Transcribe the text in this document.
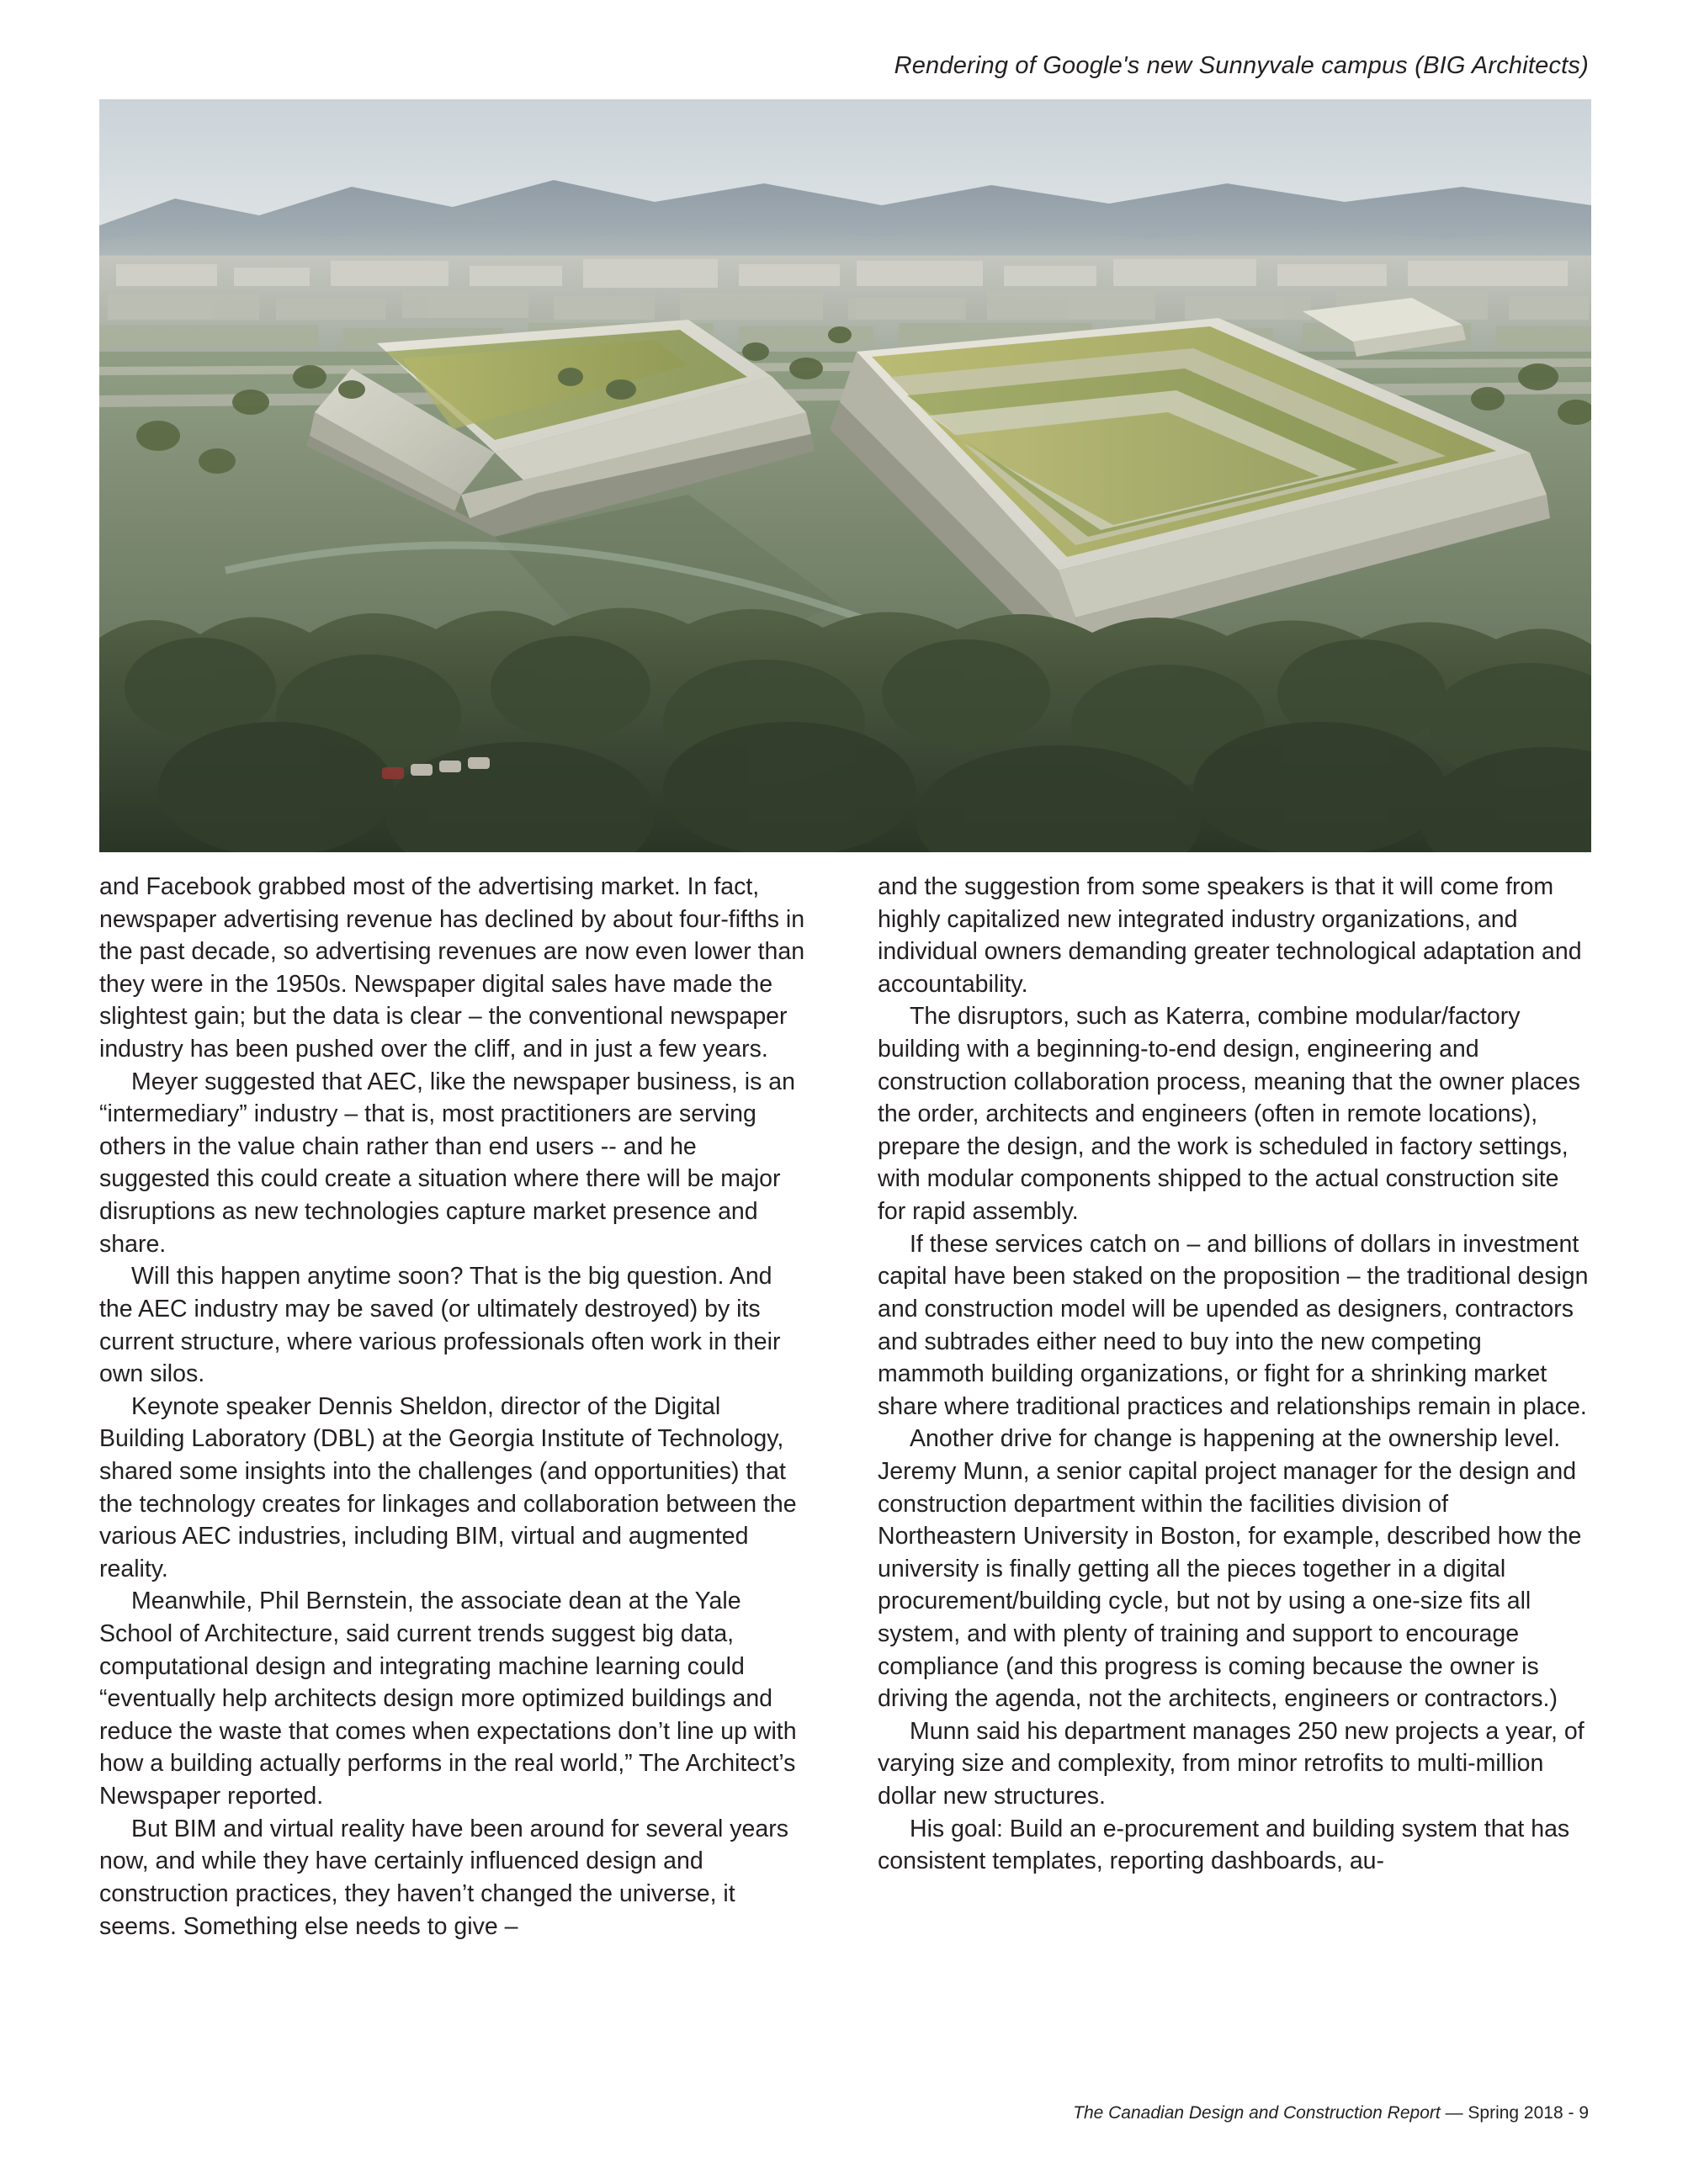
Rendering of Google's new Sunnyvale campus (BIG Architects)

and Facebook grabbed most of the advertising market. In fact, newspaper advertising revenue has declined by about four-fifths in the past decade, so advertising revenues are now even lower than they were in the 1950s. Newspaper digital sales have made the slightest gain; but the data is clear – the conventional newspaper industry has been pushed over the cliff, and in just a few years.

Meyer suggested that AEC, like the newspaper business, is an “intermediary” industry – that is, most practitioners are serving others in the value chain rather than end users -- and he suggested this could create a situation where there will be major disruptions as new technologies capture market presence and share.

Will this happen anytime soon? That is the big question. And the AEC industry may be saved (or ultimately destroyed) by its current structure, where various professionals often work in their own silos.

Keynote speaker Dennis Sheldon, director of the Digital Building Laboratory (DBL) at the Georgia Institute of Technology, shared some insights into the challenges (and opportunities) that the technology creates for linkages and collaboration between the various AEC industries, including BIM, virtual and augmented reality.

Meanwhile, Phil Bernstein, the associate dean at the Yale School of Architecture, said current trends suggest big data, computational design and integrating machine learning could “eventually help architects design more optimized buildings and reduce the waste that comes when expectations don’t line up with how a building actually performs in the real world,” The Architect’s Newspaper reported.

But BIM and virtual reality have been around for several years now, and while they have certainly influenced design and construction practices, they haven’t changed the universe, it seems. Something else needs to give –

and the suggestion from some speakers is that it will come from highly capitalized new integrated industry organizations, and individual owners demanding greater technological adaptation and accountability.

The disruptors, such as Katerra, combine modular/factory building with a beginning-to-end design, engineering and construction collaboration process, meaning that the owner places the order, architects and engineers (often in remote locations), prepare the design, and the work is scheduled in factory settings, with modular components shipped to the actual construction site for rapid assembly.

If these services catch on – and billions of dollars in investment capital have been staked on the proposition – the traditional design and construction model will be upended as designers, contractors and subtrades either need to buy into the new competing mammoth building organizations, or fight for a shrinking market share where traditional practices and relationships remain in place.

Another drive for change is happening at the ownership level. Jeremy Munn, a senior capital project manager for the design and construction department within the facilities division of Northeastern University in Boston, for example, described how the university is finally getting all the pieces together in a digital procurement/building cycle, but not by using a one-size fits all system, and with plenty of training and support to encourage compliance (and this progress is coming because the owner is driving the agenda, not the architects, engineers or contractors.)

Munn said his department manages 250 new projects a year, of varying size and complexity, from minor retrofits to multi-million dollar new structures.

His goal: Build an e-procurement and building system that has consistent templates, reporting dashboards, au-

The Canadian Design and Construction Report — Spring 2018 - 9
